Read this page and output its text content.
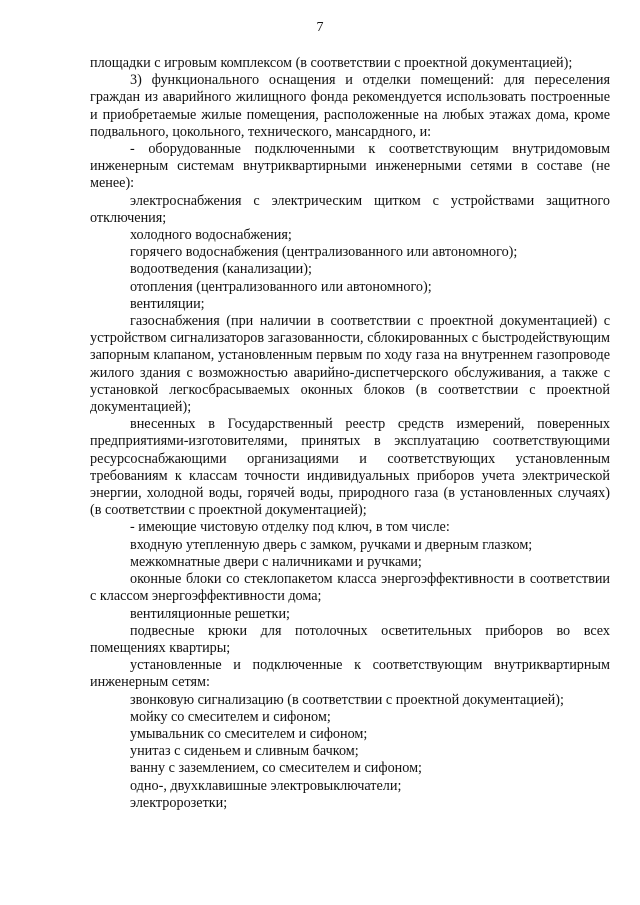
7

площадки с игровым комплексом (в соответствии с проектной документацией);

3) функционального оснащения и отделки помещений: для переселения граждан из аварийного жилищного фонда рекомендуется использовать построенные и приобретаемые жилые помещения, расположенные на любых этажах дома, кроме подвального, цокольного, технического, мансардного, и:

- оборудованные подключенными к соответствующим внутридомовым инженерным системам внутриквартирными инженерными сетями в составе (не менее):

электроснабжения с электрическим щитком с устройствами защитного отключения;

холодного водоснабжения;

горячего водоснабжения (централизованного или автономного);

водоотведения (канализации);

отопления (централизованного или автономного);

вентиляции;

газоснабжения (при наличии в соответствии с проектной документацией) с устройством сигнализаторов загазованности, сблокированных с быстродействующим запорным клапаном, установленным первым по ходу газа на внутреннем газопроводе жилого здания с возможностью аварийно-диспетчерского обслуживания, а также с установкой легкосбрасываемых оконных блоков (в соответствии с проектной документацией);

внесенных в Государственный реестр средств измерений, поверенных предприятиями-изготовителями, принятых в эксплуатацию соответствующими ресурсоснабжающими организациями и соответствующих установленным требованиям к классам точности индивидуальных приборов учета электрической энергии, холодной воды, горячей воды, природного газа (в установленных случаях) (в соответствии с проектной документацией);

- имеющие чистовую отделку под ключ, в том числе:

входную утепленную дверь с замком, ручками и дверным глазком;

межкомнатные двери с наличниками и ручками;

оконные блоки со стеклопакетом класса энергоэффективности в соответствии с классом энергоэффективности дома;

вентиляционные решетки;

подвесные крюки для потолочных осветительных приборов во всех помещениях квартиры;

установленные и подключенные к соответствующим внутриквартирным инженерным сетям:

звонковую сигнализацию (в соответствии с проектной документацией);

мойку со смесителем и сифоном;

умывальник со смесителем и сифоном;

унитаз с сиденьем и сливным бачком;

ванну с заземлением, со смесителем и сифоном;

одно-, двухклавишные электровыключатели;

электророзетки;
